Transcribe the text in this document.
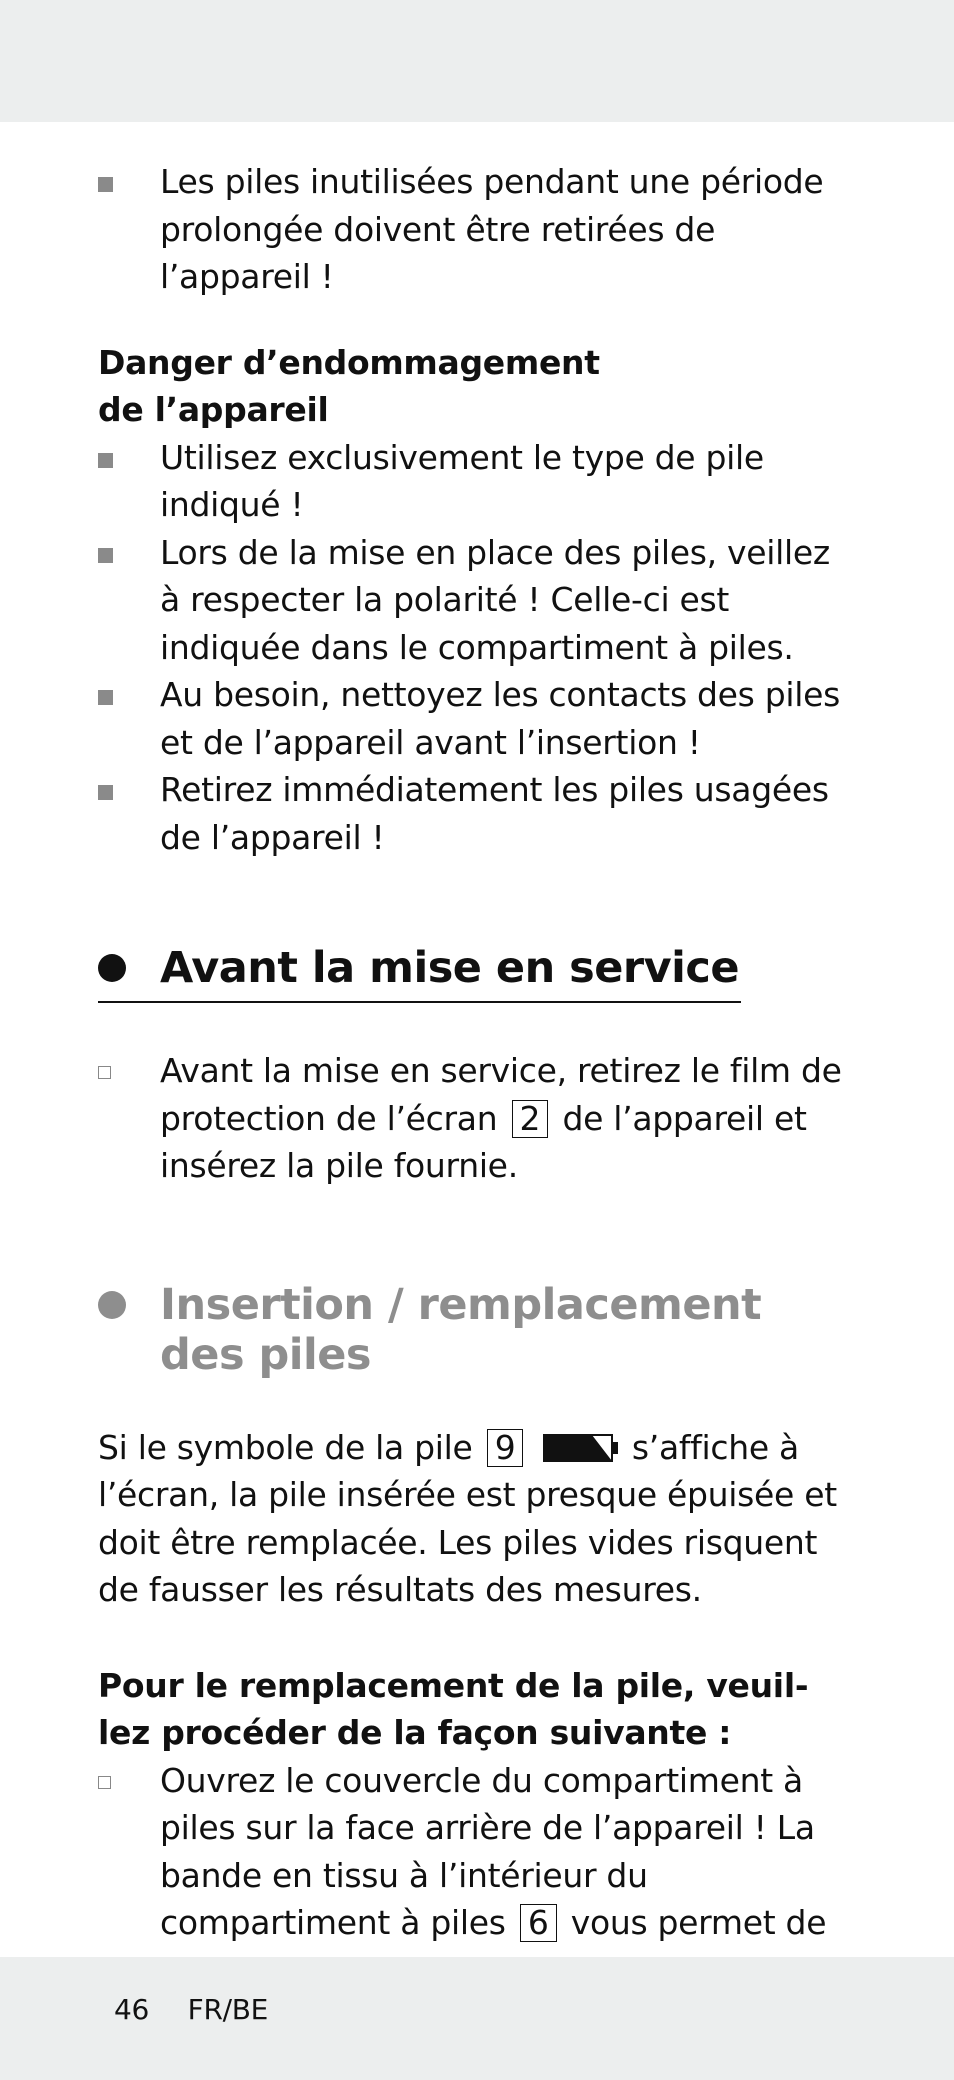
Les piles inutilisées pendant une période prolongée doivent être retirées de l’appareil !
Danger d’endommagement
de l’appareil
Utilisez exclusivement le type de pile indiqué !
Lors de la mise en place des piles, veillez à respecter la polarité ! Celle-ci est indiquée dans le compartiment à piles.
Au besoin, nettoyez les contacts des piles et de l’appareil avant l’insertion !
Retirez immédiatement les piles usagées de l’appareil !
Avant la mise en service
Avant la mise en service, retirez le film de protection de l’écran 2 de l’appareil et insérez la pile fournie.
Insertion / remplacement
des piles
Si le symbole de la pile 9	s’affiche à l’écran, la pile insérée est presque épuisée et doit être remplacée. Les piles vides risquent de fausser les résultats des mesures.
Pour le remplacement de la pile, veuil-
lez procéder de la façon suivante :
Ouvrez le couvercle du compartiment à piles sur la face arrière de l’appareil ! La bande en tissu à l’intérieur du compartiment à piles 6 vous permet de
46 FR/BE
